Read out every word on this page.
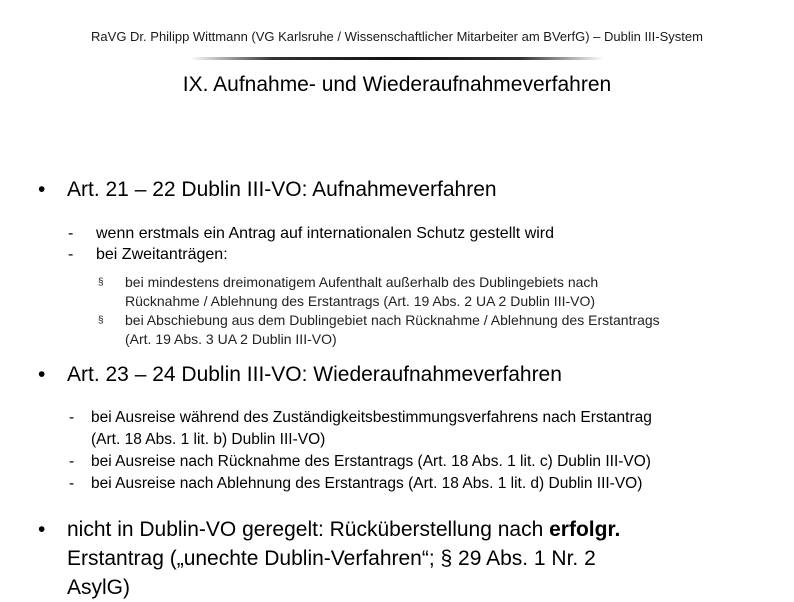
RaVG Dr. Philipp Wittmann (VG Karlsruhe / Wissenschaftlicher Mitarbeiter am BVerfG) – Dublin III-System
IX. Aufnahme- und Wiederaufnahmeverfahren
• Art. 21 – 22 Dublin III-VO: Aufnahmeverfahren
- wenn erstmals ein Antrag auf internationalen Schutz gestellt wird
- bei Zweitanträgen:
§ bei mindestens dreimonatigem Aufenthalt außerhalb des Dublingebiets nach
Rücknahme / Ablehnung des Erstantrags (Art. 19 Abs. 2 UA 2 Dublin III-VO)
§ bei Abschiebung aus dem Dublingebiet nach Rücknahme / Ablehnung des Erstantrags
(Art. 19 Abs. 3 UA 2 Dublin III-VO)
• Art. 23 – 24 Dublin III-VO: Wiederaufnahmeverfahren
- bei Ausreise während des Zuständigkeitsbestimmungsverfahrens nach Erstantrag
(Art. 18 Abs. 1 lit. b) Dublin III-VO)
- bei Ausreise nach Rücknahme des Erstantrags (Art. 18 Abs. 1 lit. c) Dublin III-VO)
- bei Ausreise nach Ablehnung des Erstantrags (Art. 18 Abs. 1 lit. d) Dublin III-VO)
• nicht in Dublin-VO geregelt: Rücküberstellung nach erfolgr.
Erstantrag („unechte Dublin-Verfahren“; § 29 Abs. 1 Nr. 2
AsylG)
